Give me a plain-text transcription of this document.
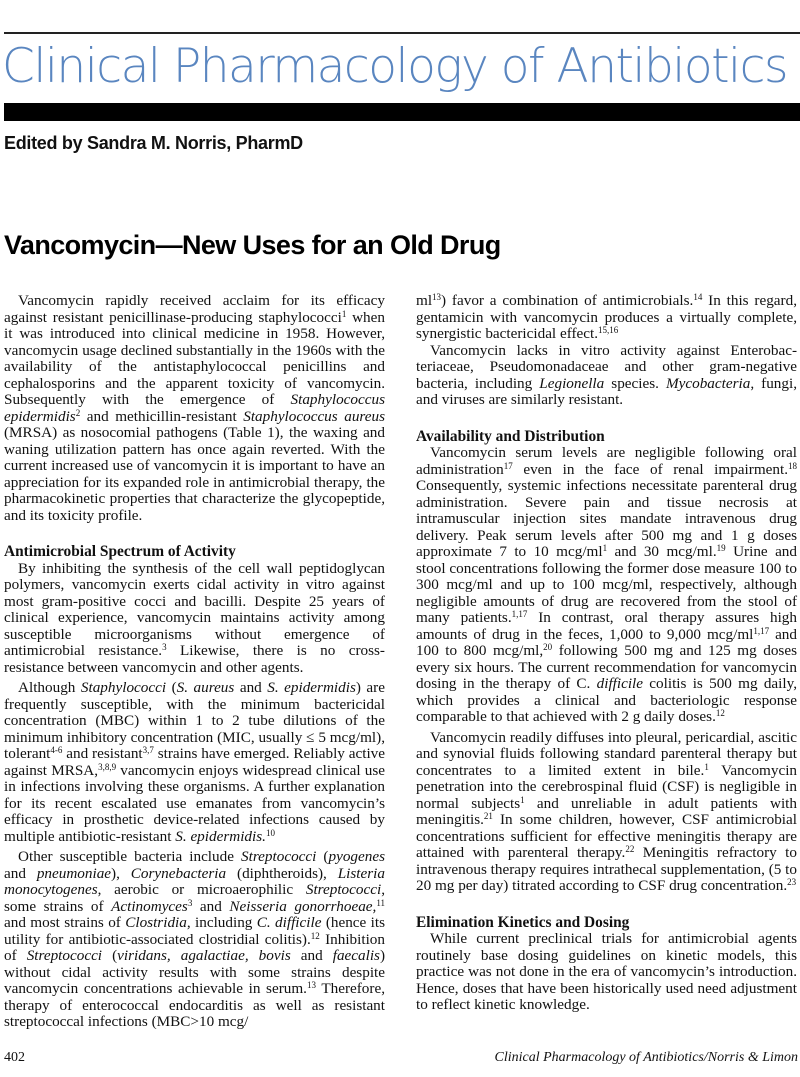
Clinical Pharmacology of Antibiotics
Edited by Sandra M. Norris, PharmD
Vancomycin—New Uses for an Old Drug

Vancomycin rapidly received acclaim for its efficacy against resistant penicillinase-producing staphylococci$^1$ when it was introduced into clinical medicine in 1958. However, vancomycin usage declined substantially in the 1960s with the availability of the antistaphylococcal penicillins and cephalosporins and the apparent toxicity of vancomycin. Subsequently with the emergence of Staphylococcus epidermidis$^2$ and methicillin-resistant Staphylococcus aureus (MRSA) as nosocomial pathogens (Table 1), the waxing and waning utilization pattern has once again reverted. With the current increased use of vancomycin it is important to have an appreciation for its expanded role in antimicrobial therapy, the pharmacokinetic properties that characterize the glycopeptide, and its toxicity profile.

Antimicrobial Spectrum of Activity

By inhibiting the synthesis of the cell wall peptidoglycan polymers, vancomycin exerts cidal activity in vitro against most gram-positive cocci and bacilli. Despite 25 years of clinical experience, vancomycin maintains activity among susceptible microorganisms without emergence of antimicrobial resistance.$^3$ Likewise, there is no cross-resistance between vancomycin and other agents.

Although Staphylococci (S. aureus and S. epidermidis) are frequently susceptible, with the minimum bactericidal concentration (MBC) within 1 to 2 tube dilutions of the minimum inhibitory concentration (MIC, usually ≤ 5 mcg/ml), tolerant$^{4-6}$ and resistant$^{3,7}$ strains have emerged. Reliably active against MRSA,$^{3,8,9}$ vancomycin enjoys widespread clinical use in infections involving these organisms. A further explanation for its recent escalated use emanates from vancomycin’s efficacy in prosthetic device-related infections caused by multiple antibiotic-resistant S. epidermidis.$^{10}$

Other susceptible bacteria include Streptococci (pyogenes and pneumoniae), Corynebacteria (diphtheroids), Listeria monocytogenes, aerobic or microaerophilic Streptococci, some strains of Actinomyces$^3$ and Neisseria gonorrhoeae,$^{11}$ and most strains of Clostridia, including C. difficile (hence its utility for antibiotic-associated clostridial colitis).$^{12}$ Inhibition of Streptococci (viridans, agalactiae, bovis and faecalis) without cidal activity results with some strains despite vancomycin concentrations achievable in serum.$^{13}$ Therefore, therapy of enterococcal endocarditis as well as resistant streptococcal infections (MBC>10 mcg/

$ml^{13}$) favor a combination of antimicrobials.$^{14}$ In this regard, gentamicin with vancomycin produces a virtually complete, synergistic bactericidal effect.$^{15,16}$

Vancomycin lacks in vitro activity against Enterobacteriaceae, Pseudomonadaceae and other gram-negative bacteria, including Legionella species. Mycobacteria, fungi, and viruses are similarly resistant.

Availability and Distribution

Vancomycin serum levels are negligible following oral administration$^{17}$ even in the face of renal impairment.$^{18}$ Consequently, systemic infections necessitate parenteral drug administration. Severe pain and tissue necrosis at intramuscular injection sites mandate intravenous drug delivery. Peak serum levels after 500 mg and 1 g doses approximate 7 to 10 mcg/$ml^1$ and 30 mcg/ml.$^{19}$ Urine and stool concentrations following the former dose measure 100 to 300 mcg/ml and up to 100 mcg/ml, respectively, although negligible amounts of drug are recovered from the stool of many patients.$^{1,17}$ In contrast, oral therapy assures high amounts of drug in the feces, 1,000 to 9,000 mcg/ml$^{1,17}$ and 100 to 800 mcg/ml,$^{20}$ following 500 mg and 125 mg doses every six hours. The current recommendation for vancomycin dosing in the therapy of C. difficile colitis is 500 mg daily, which provides a clinical and bacteriologic response comparable to that achieved with 2 g daily doses.$^{12}$

Vancomycin readily diffuses into pleural, pericardial, ascitic and synovial fluids following standard parenteral therapy but concentrates to a limited extent in bile.$^1$ Vancomycin penetration into the cerebrospinal fluid (CSF) is negligible in normal subjects$^1$ and unreliable in adult patients with meningitis.$^{21}$ In some children, however, CSF antimicrobial concentrations sufficient for effective meningitis therapy are attained with parenteral therapy.$^{22}$ Meningitis refractory to intravenous therapy requires intrathecal supplementation, (5 to 20 mg per day) titrated according to CSF drug concentration.$^{23}$

Elimination Kinetics and Dosing

While current preclinical trials for antimicrobial agents routinely base dosing guidelines on kinetic models, this practice was not done in the era of vancomycin’s introduction. Hence, doses that have been historically used need adjustment to reflect kinetic knowledge.

402	Clinical Pharmacology of Antibiotics/Norris & Limon
